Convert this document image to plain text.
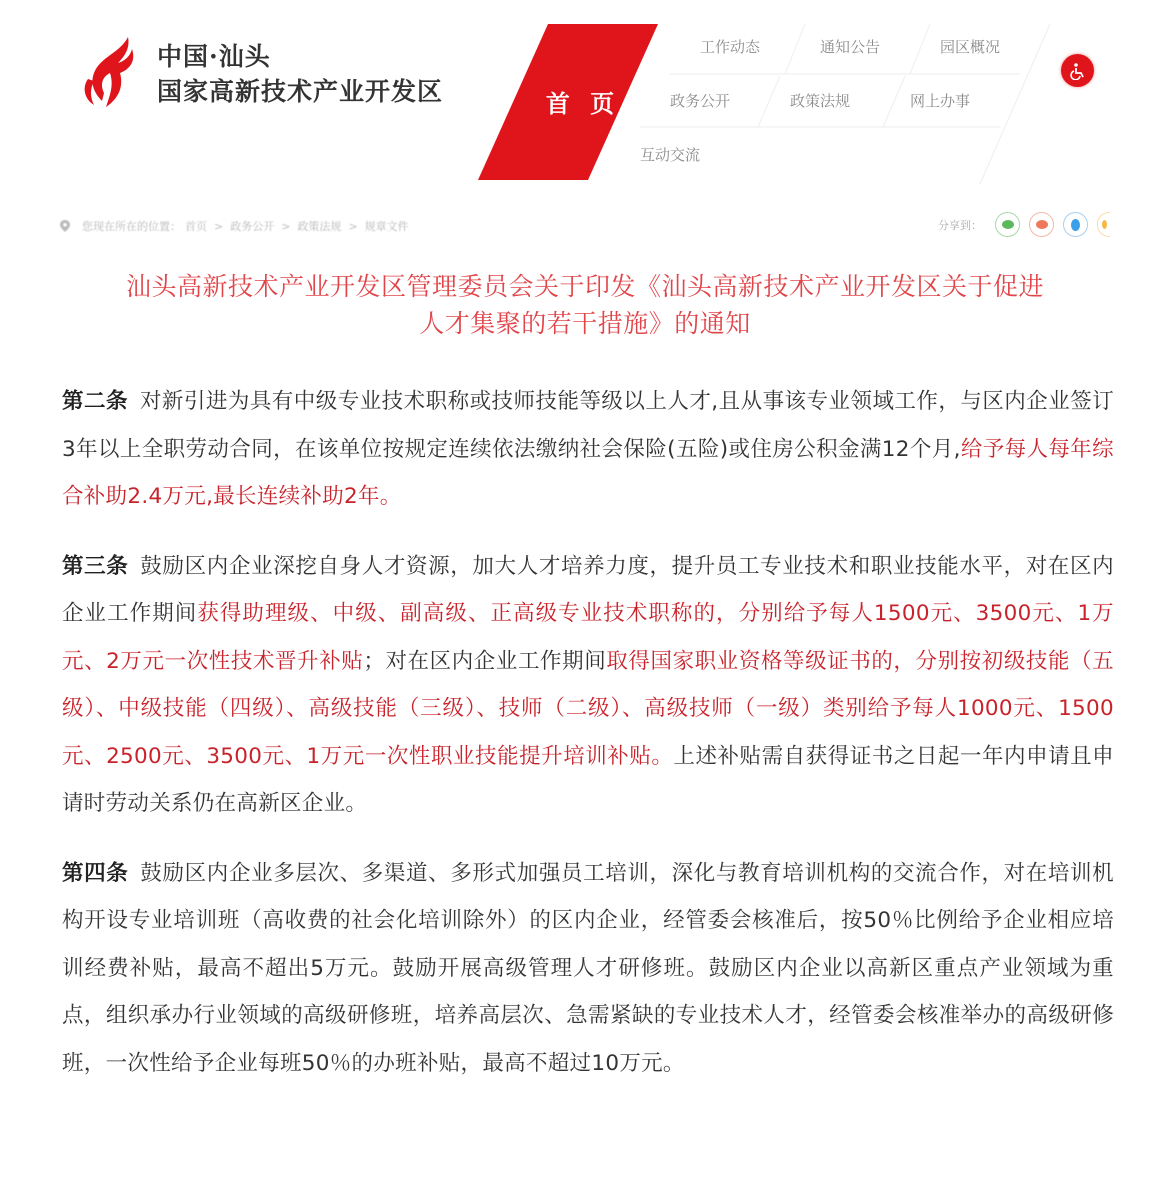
中国·汕头
国家高新技术产业开发区	首 页
工作动态	通知公告	园区概况
政务公开	政策法规	网上办事
互动交流
您现在所在的位置： 首页 > 政务公开 > 政策法规 > 规章文件	分享到：
汕头高新技术产业开发区管理委员会关于印发《汕头高新技术产业开发区关于促进
人才集聚的若干措施》的通知

第二条 对新引进为具有中级专业技术职称或技师技能等级以上人才,且从事该专业领域工作，与区内企业签订3年以上全职劳动合同，在该单位按规定连续依法缴纳社会保险(五险)或住房公积金满12个月,给予每人每年综合补助2.4万元,最长连续补助2年。

第三条 鼓励区内企业深挖自身人才资源，加大人才培养力度，提升员工专业技术和职业技能水平，对在区内企业工作期间获得助理级、中级、副高级、正高级专业技术职称的，分别给予每人1500元、3500元、1万元、2万元一次性技术晋升补贴；对在区内企业工作期间取得国家职业资格等级证书的，分别按初级技能（五级）、中级技能（四级）、高级技能（三级）、技师（二级）、高级技师（一级）类别给予每人1000元、1500元、2500元、3500元、1万元一次性职业技能提升培训补贴。上述补贴需自获得证书之日起一年内申请且申请时劳动关系仍在高新区企业。

第四条 鼓励区内企业多层次、多渠道、多形式加强员工培训，深化与教育培训机构的交流合作，对在培训机构开设专业培训班（高收费的社会化培训除外）的区内企业，经管委会核准后，按50％比例给予企业相应培训经费补贴，最高不超出5万元。鼓励开展高级管理人才研修班。鼓励区内企业以高新区重点产业领域为重点，组织承办行业领域的高级研修班，培养高层次、急需紧缺的专业技术人才，经管委会核准举办的高级研修班，一次性给予企业每班50％的办班补贴，最高不超过10万元。
